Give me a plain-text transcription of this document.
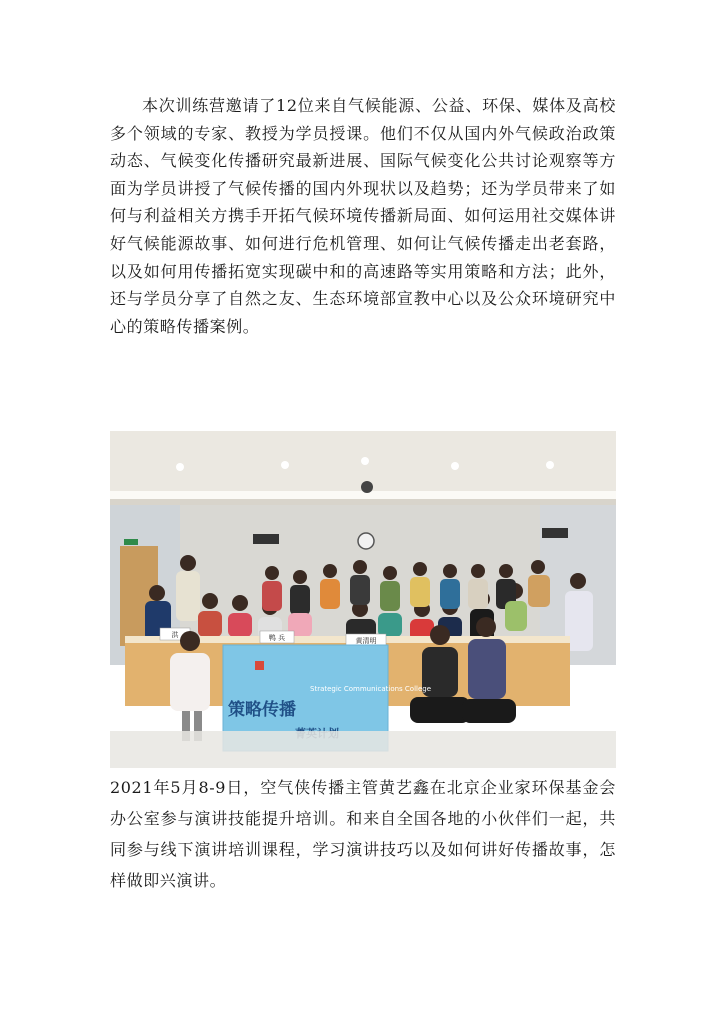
本次训练营邀请了12位来自气候能源、公益、环保、媒体及高校多个领域的专家、教授为学员授课。他们不仅从国内外气候政治政策动态、气候变化传播研究最新进展、国际气候变化公共讨论观察等方面为学员讲授了气候传播的国内外现状以及趋势；还为学员带来了如何与利益相关方携手开拓气候环境传播新局面、如何运用社交媒体讲好气候能源故事、如何进行危机管理、如何让气候传播走出老套路，以及如何用传播拓宽实现碳中和的高速路等实用策略和方法；此外，还与学员分享了自然之友、生态环境部宣教中心以及公众环境研究中心的策略传播案例。

洪	鸭 兵	黄清明
策略传播
Strategic Communications College

2021年5月8-9日，空气侠传播主管黄艺鑫在北京企业家环保基金会办公室参与演讲技能提升培训。和来自全国各地的小伙伴们一起，共同参与线下演讲培训课程，学习演讲技巧以及如何讲好传播故事，怎样做即兴演讲。
